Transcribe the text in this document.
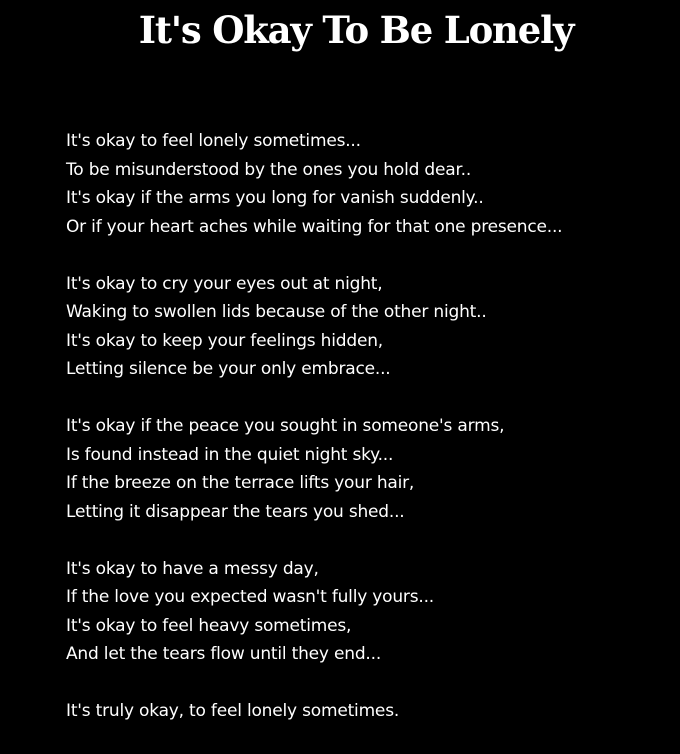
It's Okay To Be Lonely
It's okay to feel lonely sometimes...
To be misunderstood by the ones you hold dear..
It's okay if the arms you long for vanish suddenly..
Or if your heart aches while waiting for that one presence...
It's okay to cry your eyes out at night,
Waking to swollen lids because of the other night..
It's okay to keep your feelings hidden,
Letting silence be your only embrace...
It's okay if the peace you sought in someone's arms,
Is found instead in the quiet night sky...
If the breeze on the terrace lifts your hair,
Letting it disappear the tears you shed...
It's okay to have a messy day,
If the love you expected wasn't fully yours...
It's okay to feel heavy sometimes,
And let the tears flow until they end...
It's truly okay, to feel lonely sometimes.
